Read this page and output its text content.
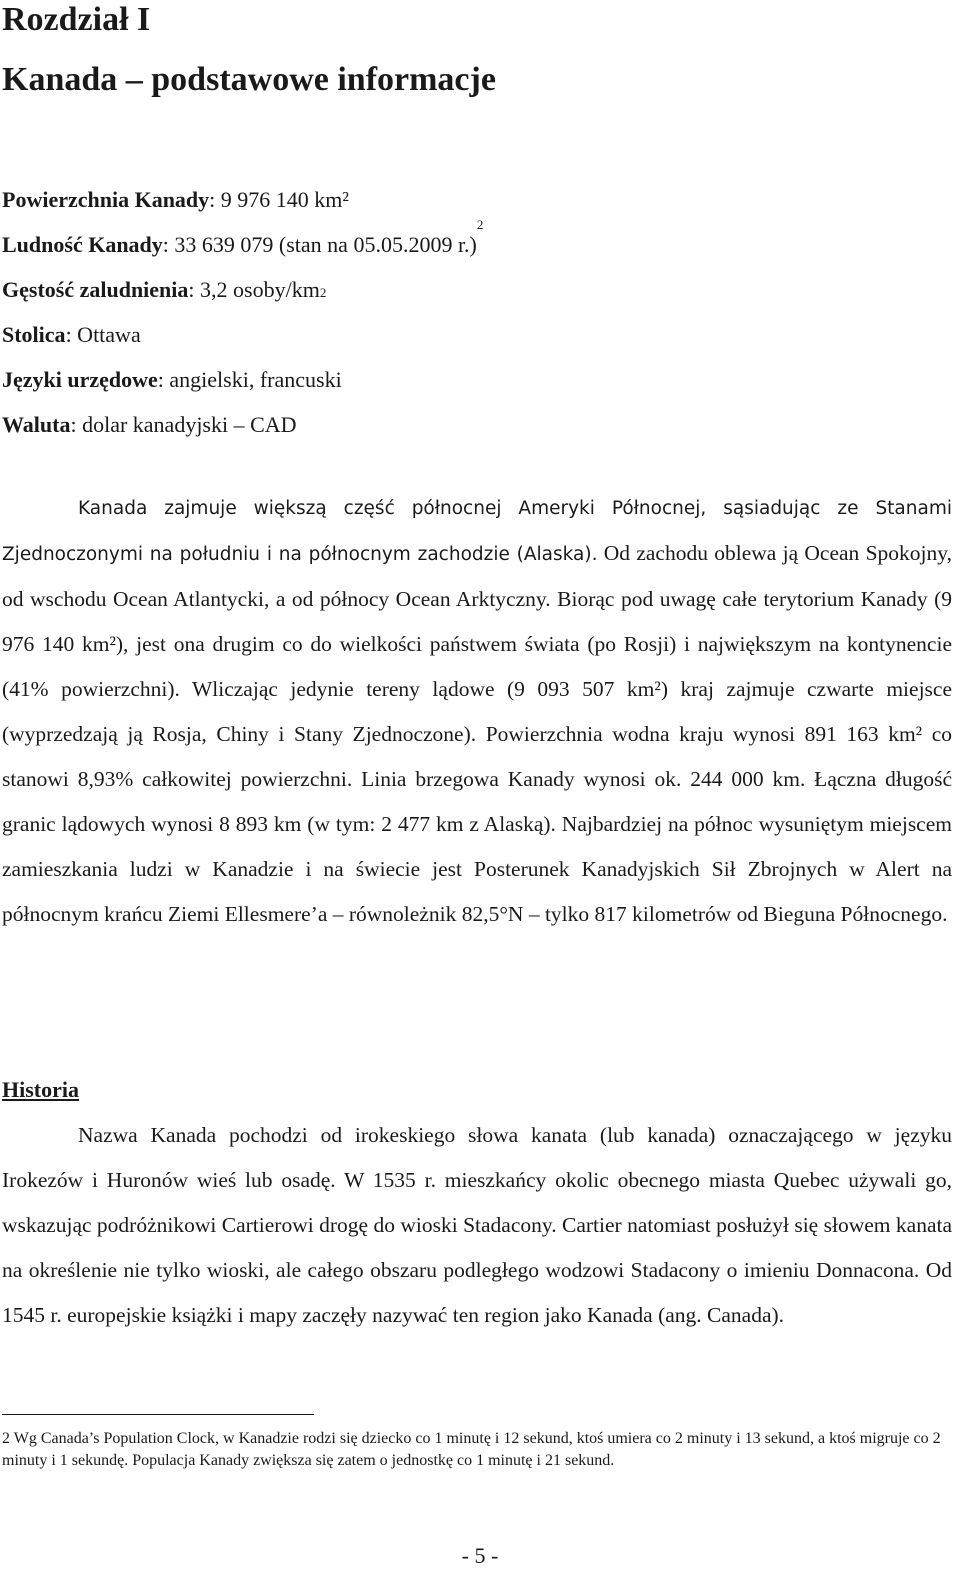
Rozdział I
Kanada – podstawowe informacje
Powierzchnia Kanady: 9 976 140 km²
Ludność Kanady: 33 639 079 (stan na 05.05.2009 r.)$^2$
Gęstość zaludnienia: 3,2 osoby/km2
Stolica: Ottawa
Języki urzędowe: angielski, francuski
Waluta: dolar kanadyjski – CAD

Kanada zajmuje większą część północnej Ameryki Północnej, sąsiadując ze Stanami Zjednoczonymi na południu i na północnym zachodzie (Alaska). Od zachodu oblewa ją Ocean Spokojny, od wschodu Ocean Atlantycki, a od północy Ocean Arktyczny. Biorąc pod uwagę całe terytorium Kanady (9 976 140 km²), jest ona drugim co do wielkości państwem świata (po Rosji) i największym na kontynencie (41% powierzchni). Wliczając jedynie tereny lądowe (9 093 507 km²) kraj zajmuje czwarte miejsce (wyprzedzają ją Rosja, Chiny i Stany Zjednoczone). Powierzchnia wodna kraju wynosi 891 163 km² co stanowi 8,93% całkowitej powierzchni. Linia brzegowa Kanady wynosi ok. 244 000 km. Łączna długość granic lądowych wynosi 8 893 km (w tym: 2 477 km z Alaską). Najbardziej na północ wysuniętym miejscem zamieszkania ludzi w Kanadzie i na świecie jest Posterunek Kanadyjskich Sił Zbrojnych w Alert na północnym krańcu Ziemi Ellesmere’a – równoleżnik 82,5°N – tylko 817 kilometrów od Bieguna Północnego.

Historia

Nazwa Kanada pochodzi od irokeskiego słowa kanata (lub kanada) oznaczającego w języku Irokezów i Huronów wieś lub osadę. W 1535 r. mieszkańcy okolic obecnego miasta Quebec używali go, wskazując podróżnikowi Cartierowi drogę do wioski Stadacony. Cartier natomiast posłużył się słowem kanata na określenie nie tylko wioski, ale całego obszaru podległego wodzowi Stadacony o imieniu Donnacona. Od 1545 r. europejskie książki i mapy zaczęły nazywać ten region jako Kanada (ang. Canada).

2 Wg Canada’s Population Clock, w Kanadzie rodzi się dziecko co 1 minutę i 12 sekund, ktoś umiera co 2 minuty i 13 sekund, a ktoś migruje co 2 minuty i 1 sekundę. Populacja Kanady zwiększa się zatem o jednostkę co 1 minutę i 21 sekund.

- 5 -
